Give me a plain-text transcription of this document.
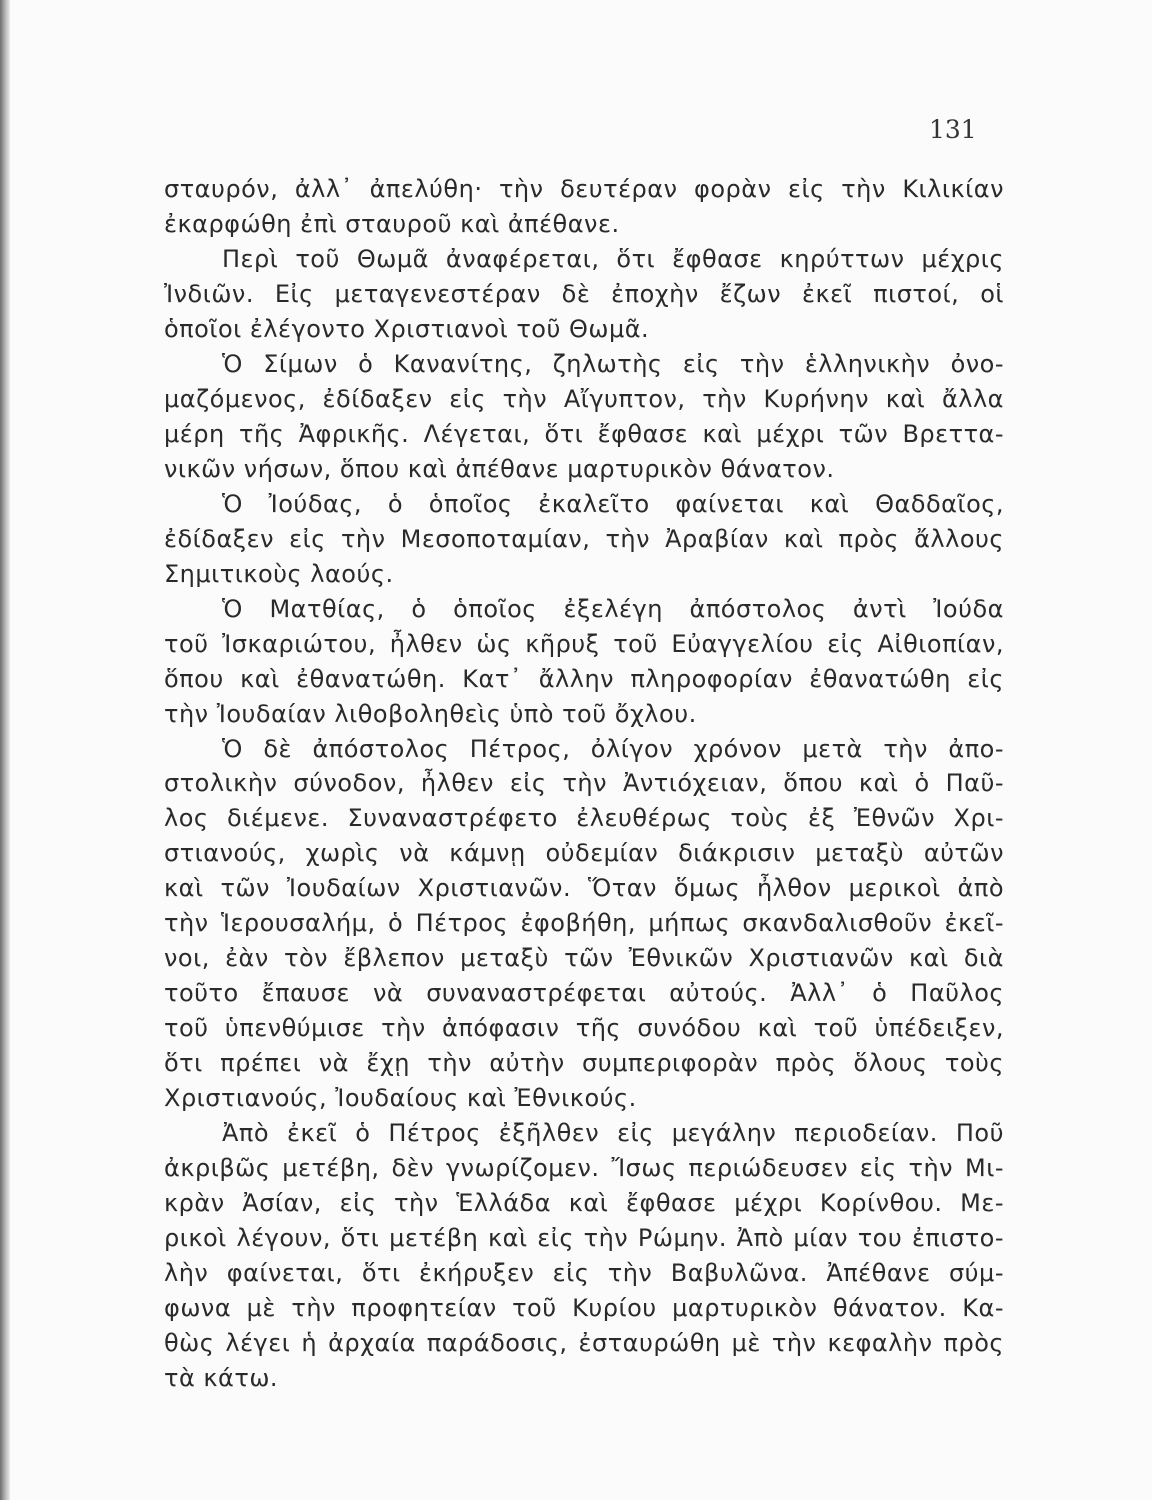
131
σταυρόν, ἀλλ᾽ ἀπελύθη· τὴν δευτέραν φορὰν εἰς τὴν Κιλικίαν
ἐκαρφώθη ἐπὶ σταυροῦ καὶ ἀπέθανε.
Περὶ τοῦ Θωμᾶ ἀναφέρεται, ὅτι ἔφθασε κηρύττων μέχρις
Ἰνδιῶν. Εἰς μεταγενεστέραν δὲ ἐποχὴν ἔζων ἐκεῖ πιστοί, οἱ
ὁποῖοι ἐλέγοντο Χριστιανοὶ τοῦ Θωμᾶ.
Ὁ Σίμων ὁ Κανανίτης, ζηλωτὴς εἰς τὴν ἑλληνικὴν ὀνο-
μαζόμενος, ἐδίδαξεν εἰς τὴν Αἴγυπτον, τὴν Κυρήνην καὶ ἄλλα
μέρη τῆς Ἀφρικῆς. Λέγεται, ὅτι ἔφθασε καὶ μέχρι τῶν Βρεττα-
νικῶν νήσων, ὅπου καὶ ἀπέθανε μαρτυρικὸν θάνατον.
Ὁ Ἰούδας, ὁ ὁποῖος ἐκαλεῖτο φαίνεται καὶ Θαδδαῖος,
ἐδίδαξεν εἰς τὴν Μεσοποταμίαν, τὴν Ἀραβίαν καὶ πρὸς ἄλλους
Σημιτικοὺς λαούς.
Ὁ Ματθίας, ὁ ὁποῖος ἐξελέγη ἀπόστολος ἀντὶ Ἰούδα
τοῦ Ἰσκαριώτου, ἦλθεν ὡς κῆρυξ τοῦ Εὐαγγελίου εἰς Αἰθιοπίαν,
ὅπου καὶ ἐθανατώθη. Κατ᾽ ἄλλην πληροφορίαν ἐθανατώθη εἰς
τὴν Ἰουδαίαν λιθοβοληθεὶς ὑπὸ τοῦ ὄχλου.
Ὁ δὲ ἀπόστολος Πέτρος, ὀλίγον χρόνον μετὰ τὴν ἀπο-
στολικὴν σύνοδον, ἦλθεν εἰς τὴν Ἀντιόχειαν, ὅπου καὶ ὁ Παῦ-
λος διέμενε. Συναναστρέφετο ἐλευθέρως τοὺς ἐξ Ἐθνῶν Χρι-
στιανούς, χωρὶς νὰ κάμνῃ οὐδεμίαν διάκρισιν μεταξὺ αὐτῶν
καὶ τῶν Ἰουδαίων Χριστιανῶν. Ὅταν ὅμως ἦλθον μερικοὶ ἀπὸ
τὴν Ἱερουσαλήμ, ὁ Πέτρος ἐφοβήθη, μήπως σκανδαλισθοῦν ἐκεῖ-
νοι, ἐὰν τὸν ἔβλεπον μεταξὺ τῶν Ἐθνικῶν Χριστιανῶν καὶ διὰ
τοῦτο ἔπαυσε νὰ συναναστρέφεται αὐτούς. Ἀλλ᾽ ὁ Παῦλος
τοῦ ὑπενθύμισε τὴν ἀπόφασιν τῆς συνόδου καὶ τοῦ ὑπέδειξεν,
ὅτι πρέπει νὰ ἔχῃ τὴν αὐτὴν συμπεριφορὰν πρὸς ὅλους τοὺς
Χριστιανούς, Ἰουδαίους καὶ Ἐθνικούς.
Ἀπὸ ἐκεῖ ὁ Πέτρος ἐξῆλθεν εἰς μεγάλην περιοδείαν. Ποῦ
ἀκριβῶς μετέβη, δὲν γνωρίζομεν. Ἴσως περιώδευσεν εἰς τὴν Μι-
κρὰν Ἀσίαν, εἰς τὴν Ἑλλάδα καὶ ἔφθασε μέχρι Κορίνθου. Με-
ρικοὶ λέγουν, ὅτι μετέβη καὶ εἰς τὴν Ρώμην. Ἀπὸ μίαν του ἐπιστο-
λὴν φαίνεται, ὅτι ἐκήρυξεν εἰς τὴν Βαβυλῶνα. Ἀπέθανε σύμ-
φωνα μὲ τὴν προφητείαν τοῦ Κυρίου μαρτυρικὸν θάνατον. Κα-
θὼς λέγει ἡ ἀρχαία παράδοσις, ἐσταυρώθη μὲ τὴν κεφαλὴν πρὸς
τὰ κάτω.
